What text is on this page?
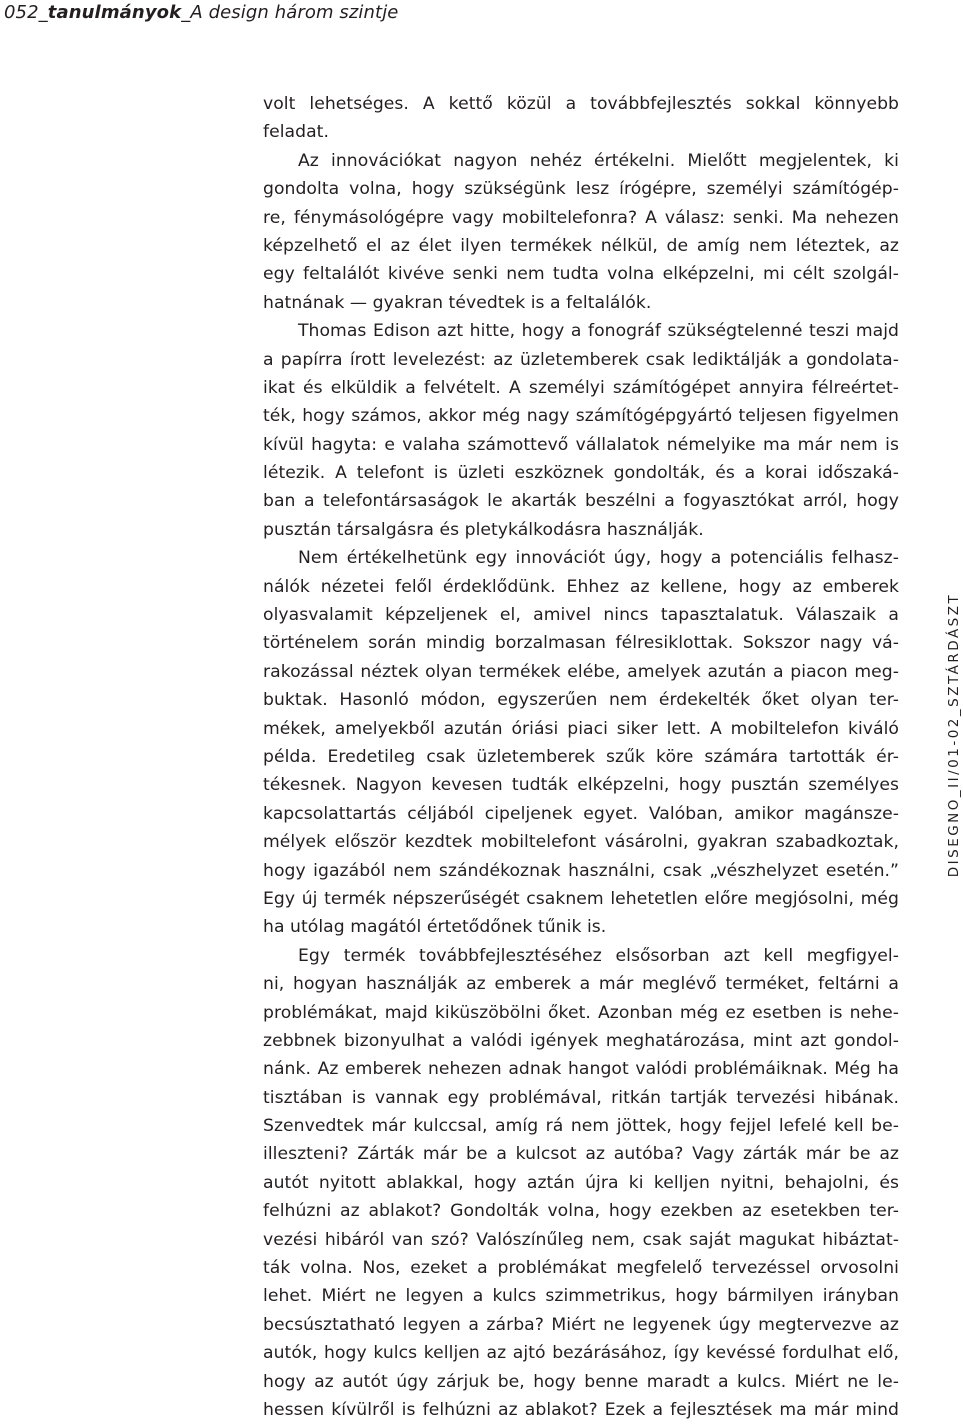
052_tanulmányok_A design három szintje
volt lehetséges. A kettő közül a továbbfejlesztés sokkal könnyebb
feladat.
Az innovációkat nagyon nehéz értékelni. Mielőtt megjelentek, ki
gondolta volna, hogy szükségünk lesz írógépre, személyi számítógép-
re, fénymásológépre vagy mobiltelefonra? A válasz: senki. Ma nehezen
képzelhető el az élet ilyen termékek nélkül, de amíg nem léteztek, az
egy feltalálót kivéve senki nem tudta volna elképzelni, mi célt szolgál-
hatnának — gyakran tévedtek is a feltalálók.
Thomas Edison azt hitte, hogy a fonográf szükségtelenné teszi majd
a papírra írott levelezést: az üzletemberek csak lediktálják a gondolata-
ikat és elküldik a felvételt. A személyi számítógépet annyira félreértet-
ték, hogy számos, akkor még nagy számítógépgyártó teljesen figyelmen
kívül hagyta: e valaha számottevő vállalatok némelyike ma már nem is
létezik. A telefont is üzleti eszköznek gondolták, és a korai időszaká-
ban a telefontársaságok le akarták beszélni a fogyasztókat arról, hogy
pusztán társalgásra és pletykálkodásra használják.
Nem értékelhetünk egy innovációt úgy, hogy a potenciális felhasz-
nálók nézetei felől érdeklődünk. Ehhez az kellene, hogy az emberek
olyasvalamit képzeljenek el, amivel nincs tapasztalatuk. Válaszaik a
történelem során mindig borzalmasan félresiklottak. Sokszor nagy vá-
rakozással néztek olyan termékek elébe, amelyek azután a piacon meg-
buktak. Hasonló módon, egyszerűen nem érdekelték őket olyan ter-
mékek, amelyekből azután óriási piaci siker lett. A mobiltelefon kiváló
példa. Eredetileg csak üzletemberek szűk köre számára tartották ér-
tékesnek. Nagyon kevesen tudták elképzelni, hogy pusztán személyes
kapcsolattartás céljából cipeljenek egyet. Valóban, amikor magánsze-
mélyek először kezdtek mobiltelefont vásárolni, gyakran szabadkoztak,
hogy igazából nem szándékoznak használni, csak „vészhelyzet esetén.”
Egy új termék népszerűségét csaknem lehetetlen előre megjósolni, még
ha utólag magától értetődőnek tűnik is.
Egy termék továbbfejlesztéséhez elsősorban azt kell megfigyel-
ni, hogyan használják az emberek a már meglévő terméket, feltárni a
problémákat, majd kiküszöbölni őket. Azonban még ez esetben is nehe-
zebbnek bizonyulhat a valódi igények meghatározása, mint azt gondol-
nánk. Az emberek nehezen adnak hangot valódi problémáiknak. Még ha
tisztában is vannak egy problémával, ritkán tartják tervezési hibának.
Szenvedtek már kulccsal, amíg rá nem jöttek, hogy fejjel lefelé kell be-
illeszteni? Zárták már be a kulcsot az autóba? Vagy zárták már be az
autót nyitott ablakkal, hogy aztán újra ki kelljen nyitni, behajolni, és
felhúzni az ablakot? Gondolták volna, hogy ezekben az esetekben ter-
vezési hibáról van szó? Valószínűleg nem, csak saját magukat hibáztat-
ták volna. Nos, ezeket a problémákat megfelelő tervezéssel orvosolni
lehet. Miért ne legyen a kulcs szimmetrikus, hogy bármilyen irányban
becsúsztatható legyen a zárba? Miért ne legyenek úgy megtervezve az
autók, hogy kulcs kelljen az ajtó bezárásához, így kevéssé fordulhat elő,
hogy az autót úgy zárjuk be, hogy benne maradt a kulcs. Miért ne le-
hessen kívülről is felhúzni az ablakot? Ezek a fejlesztések ma már mind
DISEGNO_II/01-02_SZTÁRDÁSZT
